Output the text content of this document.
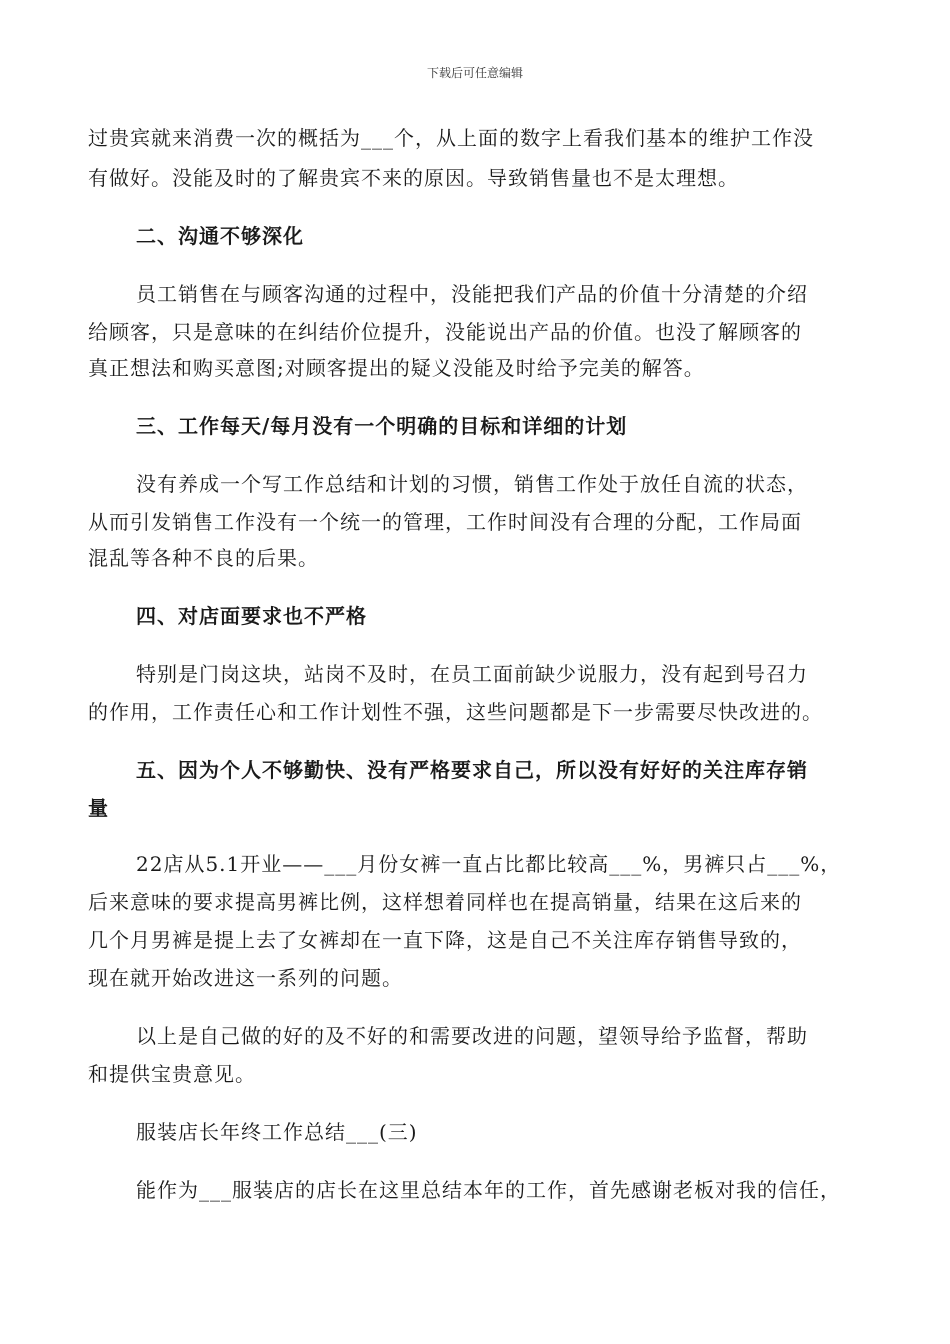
下载后可任意编辑
过贵宾就来消费一次的概括为___个，从上面的数字上看我们基本的维护工作没
有做好。没能及时的了解贵宾不来的原因。导致销售量也不是太理想。
二、沟通不够深化
员工销售在与顾客沟通的过程中，没能把我们产品的价值十分清楚的介绍
给顾客，只是意味的在纠结价位提升，没能说出产品的价值。也没了解顾客的
真正想法和购买意图;对顾客提出的疑义没能及时给予完美的解答。
三、工作每天/每月没有一个明确的目标和详细的计划
没有养成一个写工作总结和计划的习惯，销售工作处于放任自流的状态，
从而引发销售工作没有一个统一的管理，工作时间没有合理的分配，工作局面
混乱等各种不良的后果。
四、对店面要求也不严格
特别是门岗这块，站岗不及时，在员工面前缺少说服力，没有起到号召力
的作用，工作责任心和工作计划性不强，这些问题都是下一步需要尽快改进的。
五、因为个人不够勤快、没有严格要求自己，所以没有好好的关注库存销
量
22店从5.1开业——___月份女裤一直占比都比较高___%，男裤只占___%，
后来意味的要求提高男裤比例，这样想着同样也在提高销量，结果在这后来的
几个月男裤是提上去了女裤却在一直下降，这是自己不关注库存销售导致的，
现在就开始改进这一系列的问题。
以上是自己做的好的及不好的和需要改进的问题，望领导给予监督，帮助
和提供宝贵意见。
服装店长年终工作总结___(三)
能作为___服装店的店长在这里总结本年的工作，首先感谢老板对我的信任，
